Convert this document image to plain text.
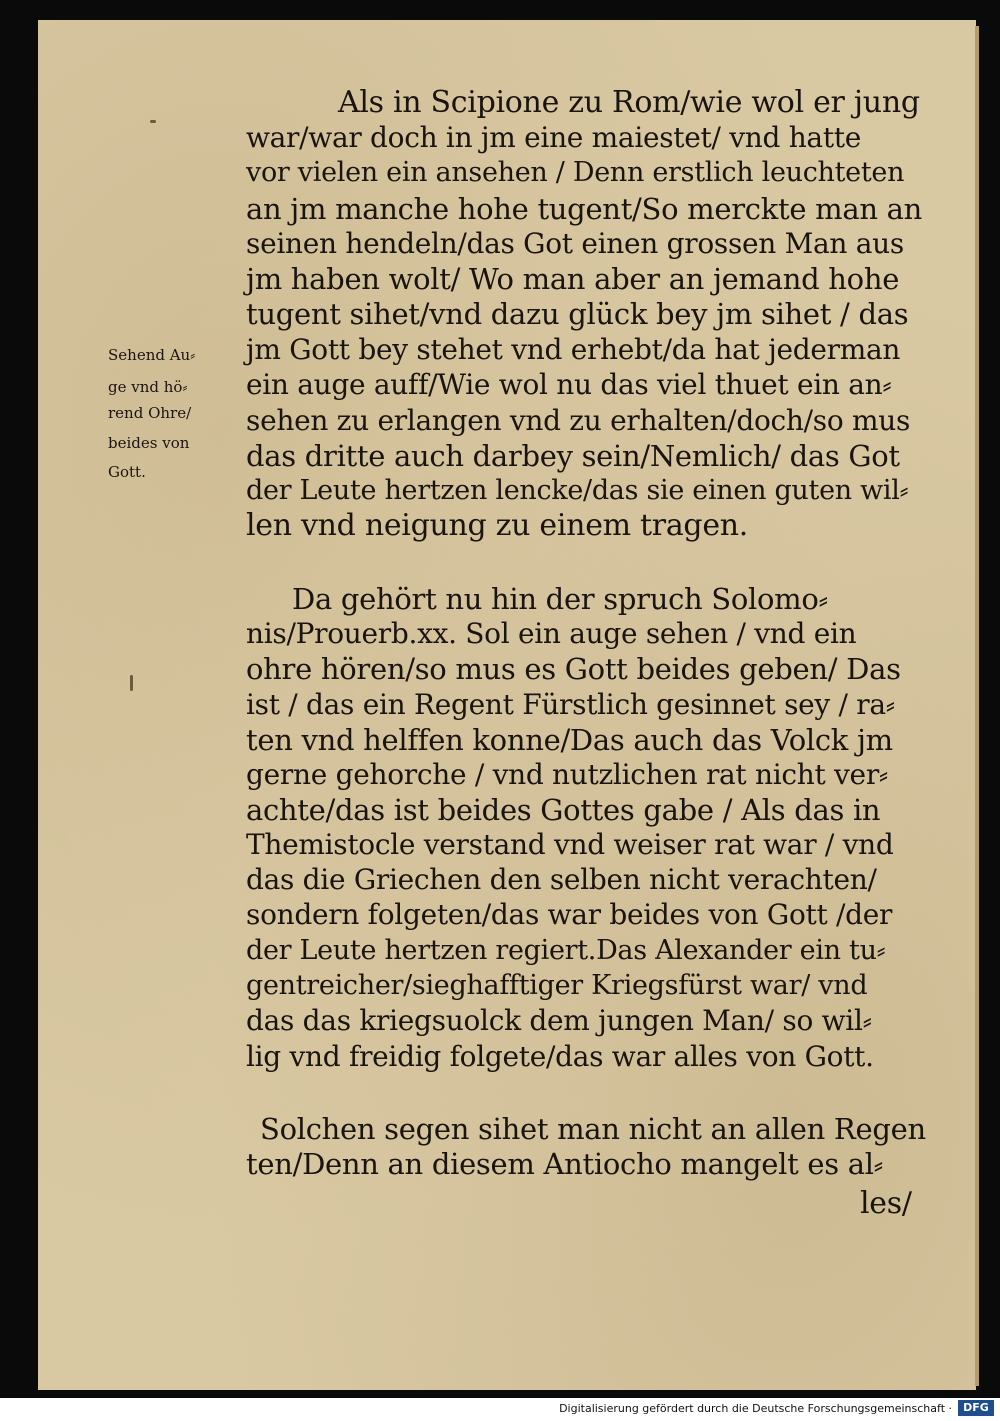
Sehend Au⸗

ge vnd hö⸗

rend Ohre/

beides von

Gott.

Als in Scipione zu Rom/wie wol er jung

war/war doch in jm eine maiestet/ vnd hatte

vor vielen ein ansehen / Denn erstlich leuchteten

an jm manche hohe tugent/So merckte man an

seinen hendeln/das Got einen grossen Man aus

jm haben wolt/ Wo man aber an jemand hohe

tugent sihet/vnd dazu glück bey jm sihet / das

jm Gott bey stehet vnd erhebt/da hat jederman

ein auge auff/Wie wol nu das viel thuet ein an⸗

sehen zu erlangen vnd zu erhalten/doch/so mus

das dritte auch darbey sein/Nemlich/ das Got

der Leute hertzen lencke/das sie einen guten wil⸗

len vnd neigung zu einem tragen.

Da gehört nu hin der spruch Solomo⸗

nis/Prouerb.xx. Sol ein auge sehen / vnd ein

ohre hören/so mus es Gott beides geben/ Das

ist / das ein Regent Fürstlich gesinnet sey / ra⸗

ten vnd helffen konne/Das auch das Volck jm

gerne gehorche / vnd nutzlichen rat nicht ver⸗

achte/das ist beides Gottes gabe / Als das in

Themistocle verstand vnd weiser rat war / vnd

das die Griechen den selben nicht verachten/

sondern folgeten/das war beides von Gott /der

der Leute hertzen regiert.Das Alexander ein tu⸗

gentreicher/sieghafftiger Kriegsfürst war/ vnd

das das kriegsuolck dem jungen Man/ so wil⸗

lig vnd freidig folgete/das war alles von Gott.

Solchen segen sihet man nicht an allen Regen

ten/Denn an diesem Antiocho mangelt es al⸗

les/

Digitalisierung gefördert durch die Deutsche Forschungsgemeinschaft ·	DFG
